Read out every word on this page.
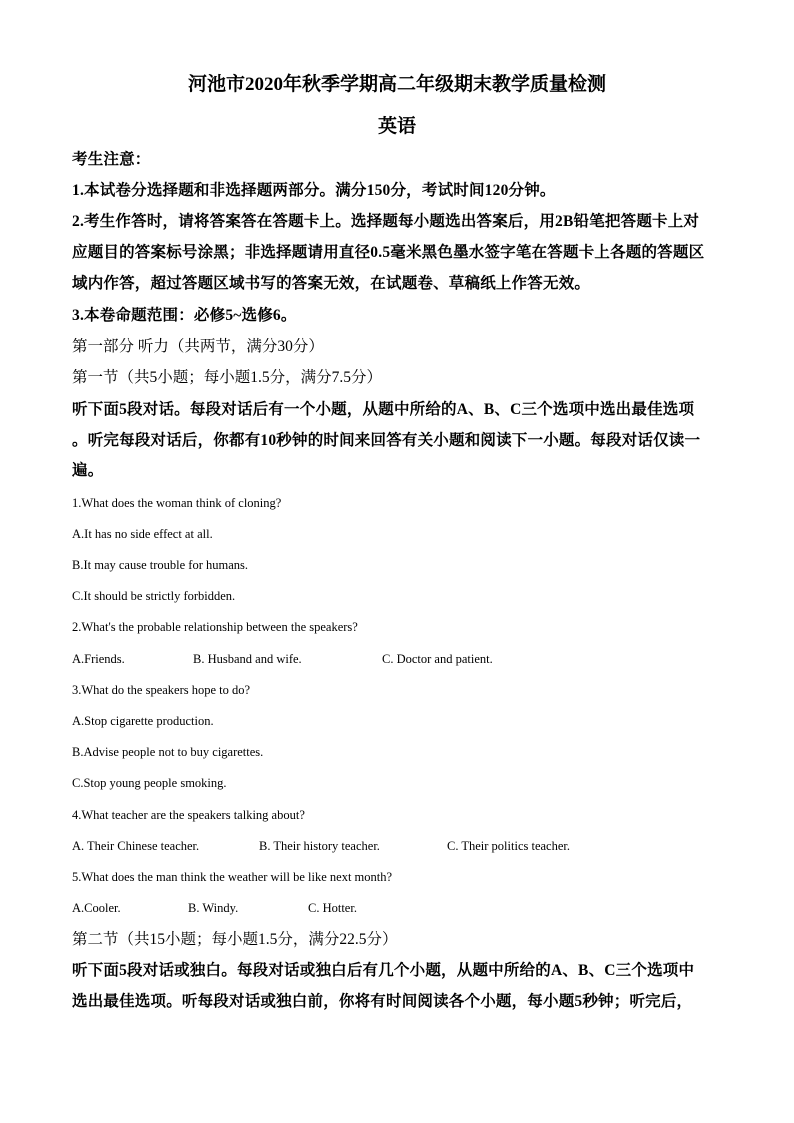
河池市2020年秋季学期高二年级期末教学质量检测
英语
考生注意：
1.本试卷分选择题和非选择题两部分。满分150分，考试时间120分钟。
2.考生作答时，请将答案答在答题卡上。选择题每小题选出答案后，用2B铅笔把答题卡上对
应题目的答案标号涂黑；非选择题请用直径0.5毫米黑色墨水签字笔在答题卡上各题的答题区
域内作答，超过答题区域书写的答案无效，在试题卷、草稿纸上作答无效。
3.本卷命题范围：必修5~选修6。
第一部分 听力（共两节，满分30分）
第一节（共5小题；每小题1.5分，满分7.5分）
听下面5段对话。每段对话后有一个小题，从题中所给的A、B、C三个选项中选出最佳选项
。听完每段对话后，你都有10秒钟的时间来回答有关小题和阅读下一小题。每段对话仅读一
遍。
1.What does the woman think of cloning?
A.It has no side effect at all.
B.It may cause trouble for humans.
C.It should be strictly forbidden.
2.What's the probable relationship between the speakers?
A.Friends.	B. Husband and wife.	C. Doctor and patient.
3.What do the speakers hope to do?
A.Stop cigarette production.
B.Advise people not to buy cigarettes.
C.Stop young people smoking.
4.What teacher are the speakers talking about?
A. Their Chinese teacher.	B. Their history teacher.	C. Their politics teacher.
5.What does the man think the weather will be like next month?
A.Cooler.	B. Windy.	C. Hotter.
第二节（共15小题；每小题1.5分，满分22.5分）
听下面5段对话或独白。每段对话或独白后有几个小题，从题中所给的A、B、C三个选项中
选出最佳选项。听每段对话或独白前，你将有时间阅读各个小题，每小题5秒钟；听完后，
